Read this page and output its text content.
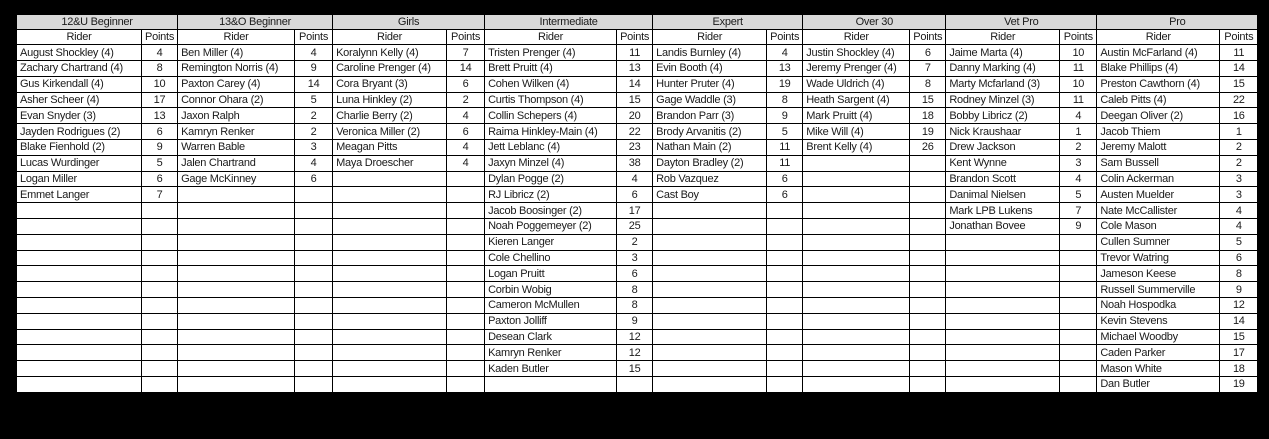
12&U Beginner	
Rider	Points
August Shockley (4)	4
Zachary Chartrand (4)	8
Gus Kirkendall (4)	10
Asher Scheer (4)	17
Evan Snyder (3)	13
Jayden Rodrigues (2)	6
Blake Fienhold (2)	9
Lucas Wurdinger	5
Logan Miller	6
Emmet Langer	7

13&O Beginner	
Rider	Points
Ben Miller (4)	4
Remington Norris (4)	9
Paxton Carey (4)	14
Connor Ohara (2)	5
Jaxon Ralph	2
Kamryn Renker	2
Warren Bable	3
Jalen Chartrand	4
Gage McKinney	6

Girls	
Rider	Points
Koralynn Kelly (4)	7
Caroline Prenger (4)	14
Cora Bryant (3)	6
Luna Hinkley (2)	2
Charlie Berry (2)	4
Veronica Miller (2)	6
Meagan Pitts	4
Maya Droescher	4

Intermediate	
Rider	Points
Tristen Prenger (4)	11
Brett Pruitt (4)	13
Cohen Wilken (4)	14
Curtis Thompson (4)	15
Collin Schepers (4)	20
Raima Hinkley-Main (4)	22
Jett Leblanc (4)	23
Jaxyn Minzel (4)	38
Dylan Pogge (2)	4
RJ Libricz (2)	6
Jacob Boosinger (2)	17
Noah Poggemeyer (2)	25
Kieren Langer	2
Cole Chellino	3
Logan Pruitt	6
Corbin Wobig	8
Cameron McMullen	8
Paxton Jolliff	9
Desean Clark	12
Kamryn Renker	12
Kaden Butler	15

Expert	
Rider	Points
Landis Burnley (4)	4
Evin Booth (4)	13
Hunter Pruter (4)	19
Gage Waddle (3)	8
Brandon Parr (3)	9
Brody Arvanitis (2)	5
Nathan Main (2)	11
Dayton Bradley (2)	11
Rob Vazquez	6
Cast Boy	6

Over 30	
Rider	Points
Justin Shockley (4)	6
Jeremy Prenger (4)	7
Wade Uldrich (4)	8
Heath Sargent (4)	15
Mark Pruitt (4)	18
Mike Will (4)	19
Brent Kelly (4)	26

Vet Pro	
Rider	Points
Jaime Marta (4)	10
Danny Marking (4)	11
Marty Mcfarland (3)	10
Rodney Minzel (3)	11
Bobby Libricz (2)	4
Nick Kraushaar	1
Drew Jackson	2
Kent Wynne	3
Brandon Scott	4
Danimal Nielsen	5
Mark LPB Lukens	7
Jonathan Bovee	9

Pro	
Rider	Points
Austin McFarland (4)	11
Blake Phillips (4)	14
Preston Cawthorn (4)	15
Caleb Pitts (4)	22
Deegan Oliver (2)	16
Jacob Thiem	1
Jeremy Malott	2
Sam Bussell	2
Colin Ackerman	3
Austen Muelder	3
Nate McCallister	4
Cole Mason	4
Cullen Sumner	5
Trevor Watring	6
Jameson Keese	8
Russell Summerville	9
Noah Hospodka	12
Kevin Stevens	14
Michael Woodby	15
Caden Parker	17
Mason White	18
Dan Butler	19
